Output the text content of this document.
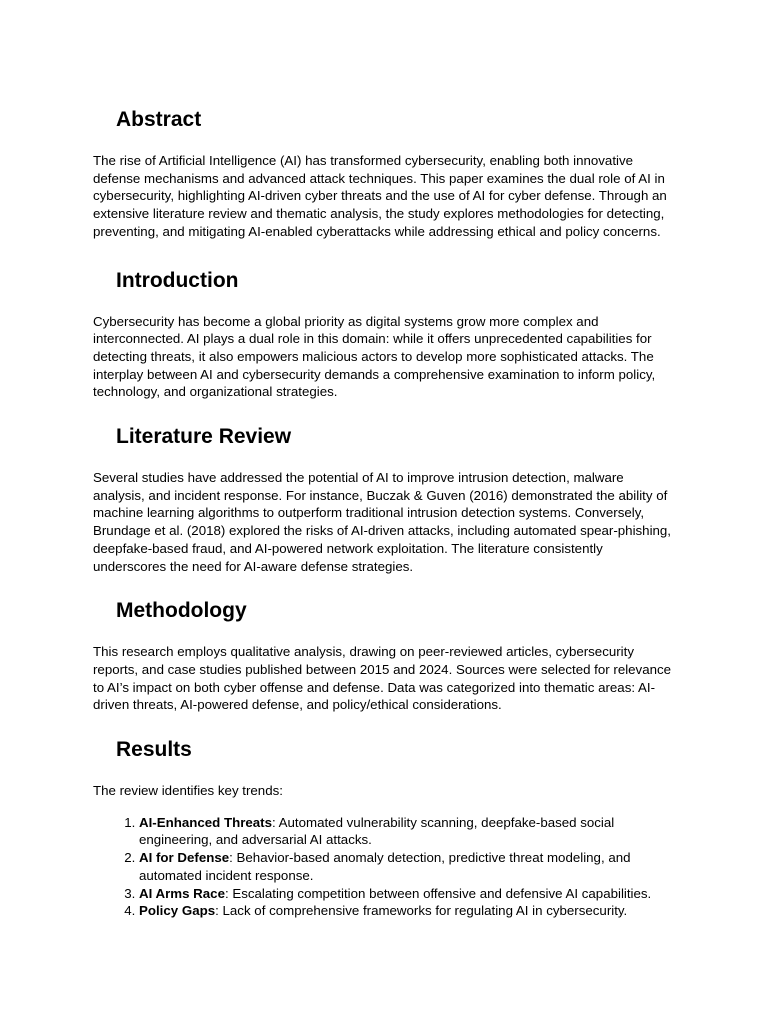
Abstract

The rise of Artificial Intelligence (AI) has transformed cybersecurity, enabling both innovative defense mechanisms and advanced attack techniques. This paper examines the dual role of AI in cybersecurity, highlighting AI-driven cyber threats and the use of AI for cyber defense. Through an extensive literature review and thematic analysis, the study explores methodologies for detecting, preventing, and mitigating AI-enabled cyberattacks while addressing ethical and policy concerns.

Introduction

Cybersecurity has become a global priority as digital systems grow more complex and interconnected. AI plays a dual role in this domain: while it offers unprecedented capabilities for detecting threats, it also empowers malicious actors to develop more sophisticated attacks. The interplay between AI and cybersecurity demands a comprehensive examination to inform policy, technology, and organizational strategies.

Literature Review

Several studies have addressed the potential of AI to improve intrusion detection, malware analysis, and incident response. For instance, Buczak & Guven (2016) demonstrated the ability of machine learning algorithms to outperform traditional intrusion detection systems. Conversely, Brundage et al. (2018) explored the risks of AI-driven attacks, including automated spear-phishing, deepfake-based fraud, and AI-powered network exploitation. The literature consistently underscores the need for AI-aware defense strategies.

Methodology

This research employs qualitative analysis, drawing on peer-reviewed articles, cybersecurity reports, and case studies published between 2015 and 2024. Sources were selected for relevance to AI’s impact on both cyber offense and defense. Data was categorized into thematic areas: AI-driven threats, AI-powered defense, and policy/ethical considerations.

Results

The review identifies key trends:

1. AI-Enhanced Threats: Automated vulnerability scanning, deepfake-based social engineering, and adversarial AI attacks.
2. AI for Defense: Behavior-based anomaly detection, predictive threat modeling, and automated incident response.
3. AI Arms Race: Escalating competition between offensive and defensive AI capabilities.
4. Policy Gaps: Lack of comprehensive frameworks for regulating AI in cybersecurity.
